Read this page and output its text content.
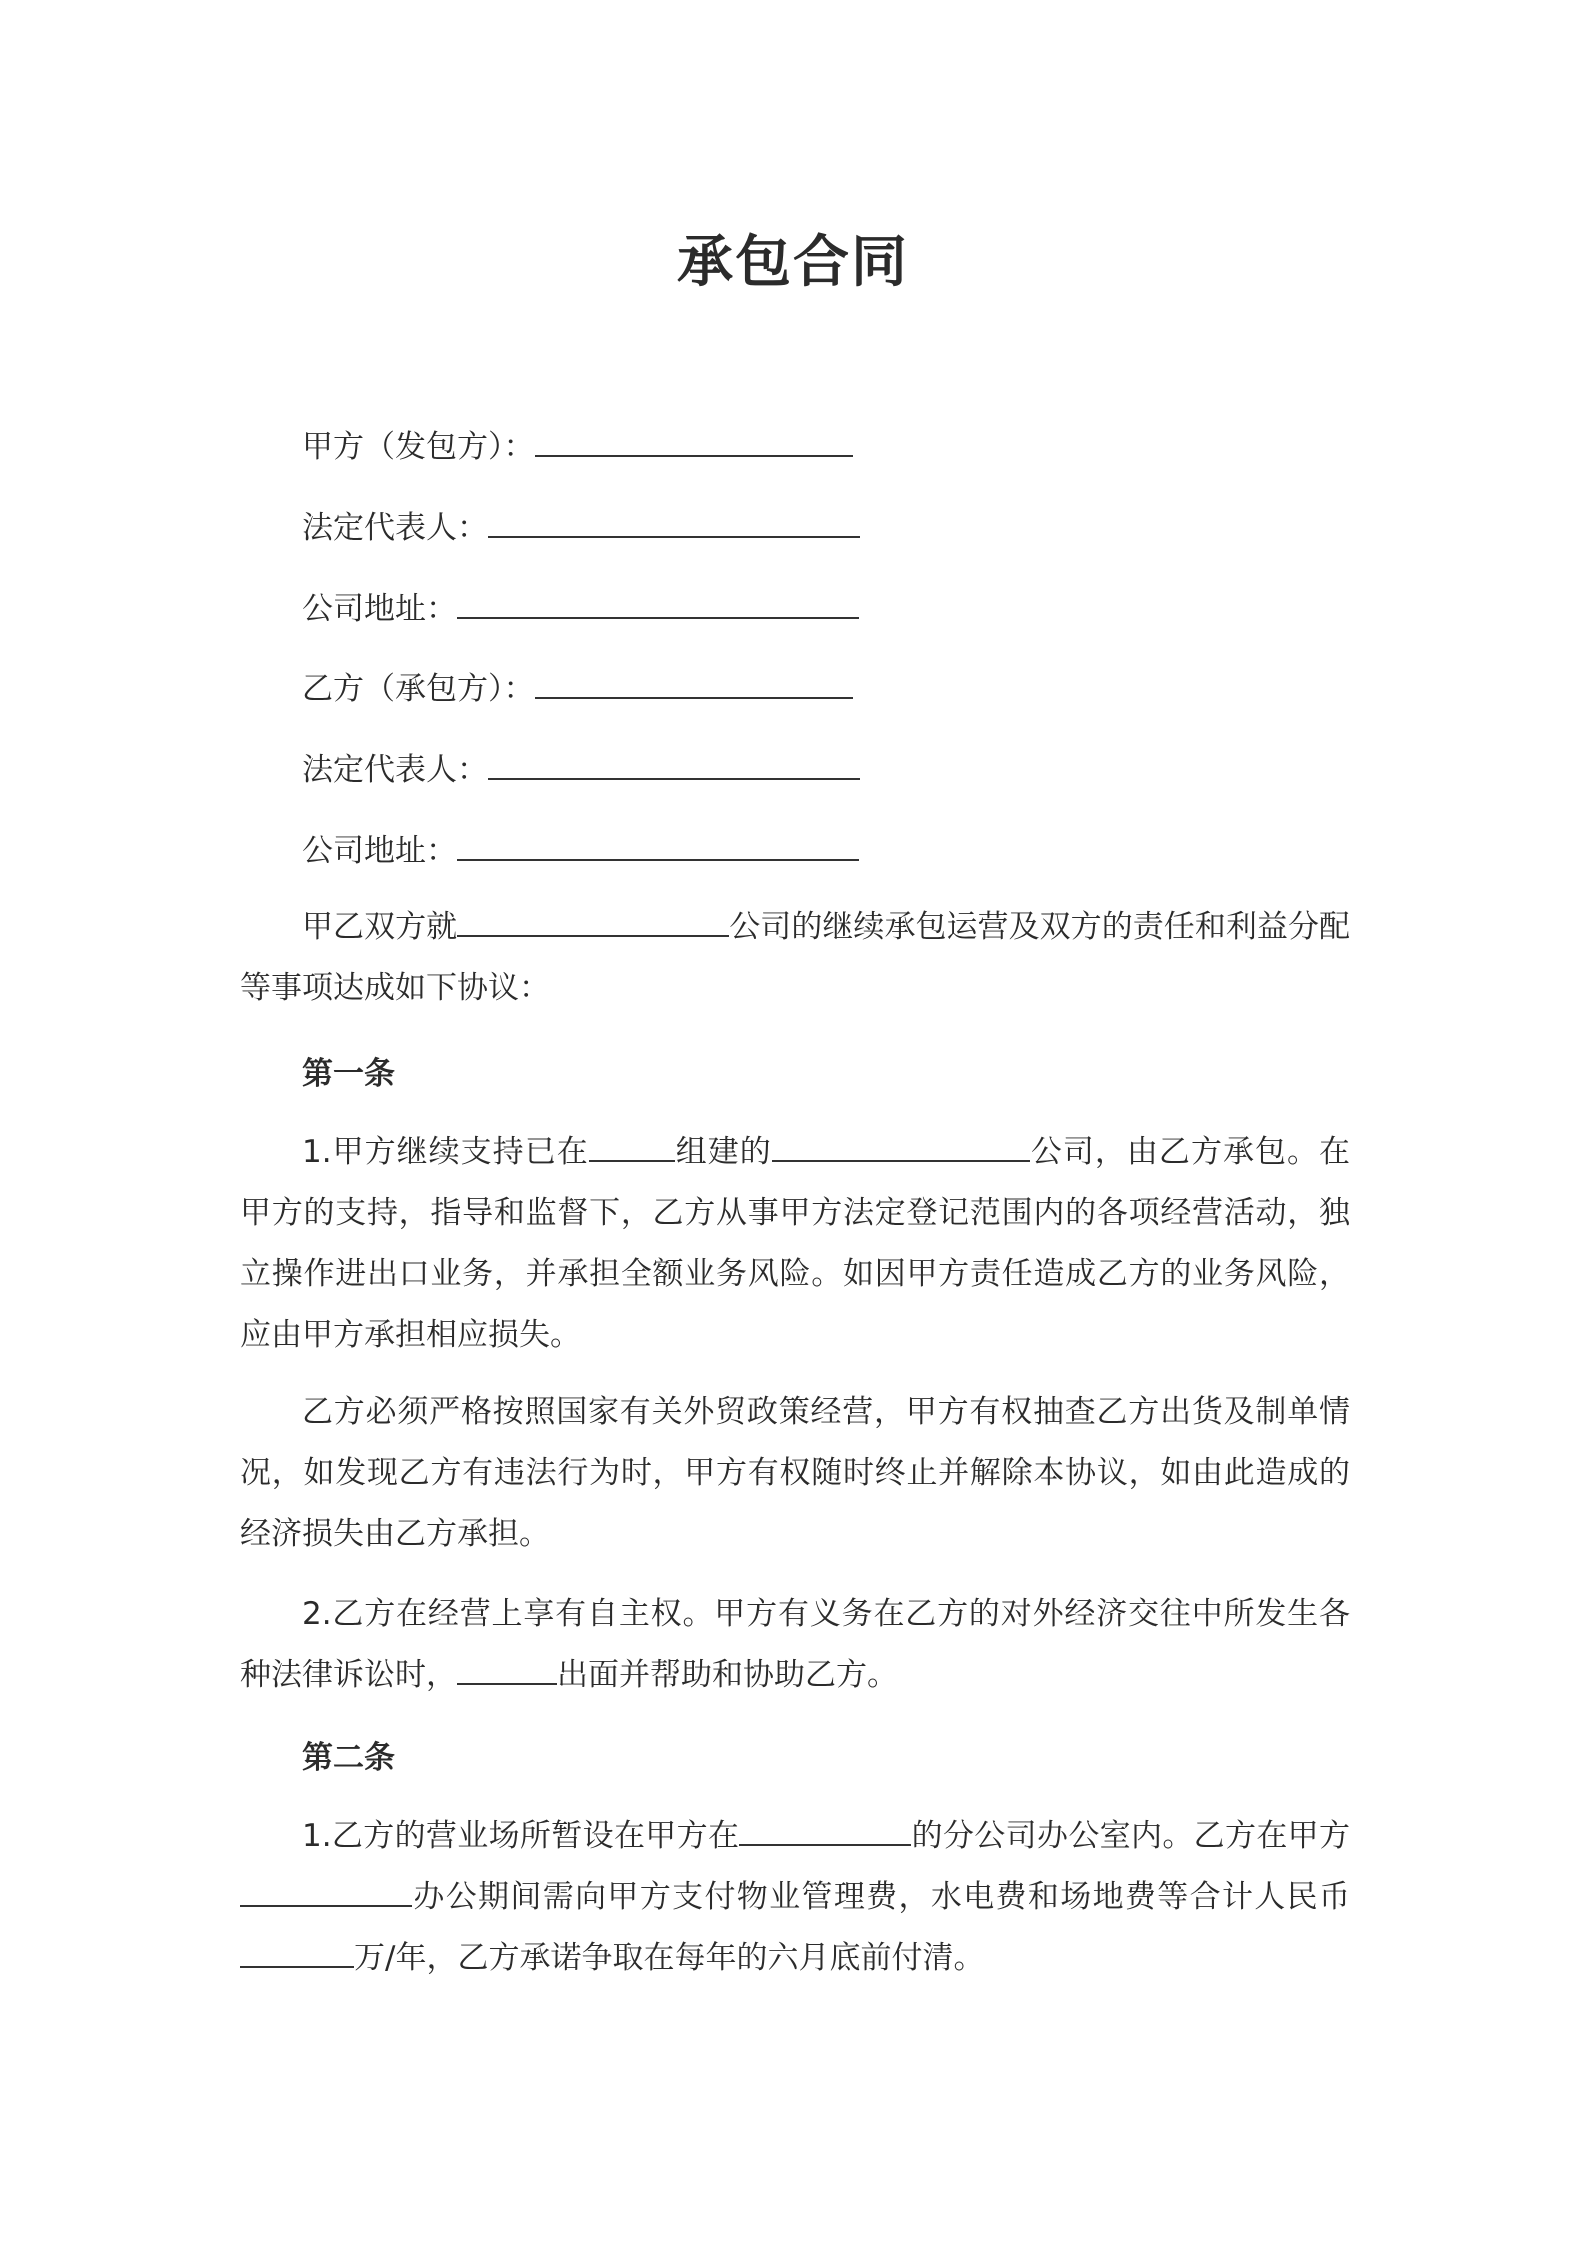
承包合同
甲方（发包方）：
法定代表人：
公司地址：
乙方（承包方）：
法定代表人：
公司地址：
甲乙双方就	公司的继续承包运营及双方的责任和利益分配等事项达成如下协议：
第一条
1.甲方继续支持已在	组建的	公司，由乙方承包。在甲方的支持，指导和监督下，乙方从事甲方法定登记范围内的各项经营活动，独立操作进出口业务，并承担全额业务风险。如因甲方责任造成乙方的业务风险，应由甲方承担相应损失。
乙方必须严格按照国家有关外贸政策经营，甲方有权抽查乙方出货及制单情况，如发现乙方有违法行为时，甲方有权随时终止并解除本协议，如由此造成的经济损失由乙方承担。
2.乙方在经营上享有自主权。甲方有义务在乙方的对外经济交往中所发生各种法律诉讼时，	出面并帮助和协助乙方。
第二条
1.乙方的营业场所暂设在甲方在	的分公司办公室内。乙方在甲方办公期间需向甲方支付物业管理费，水电费和场地费等合计人民币万/年，乙方承诺争取在每年的六月底前付清。
